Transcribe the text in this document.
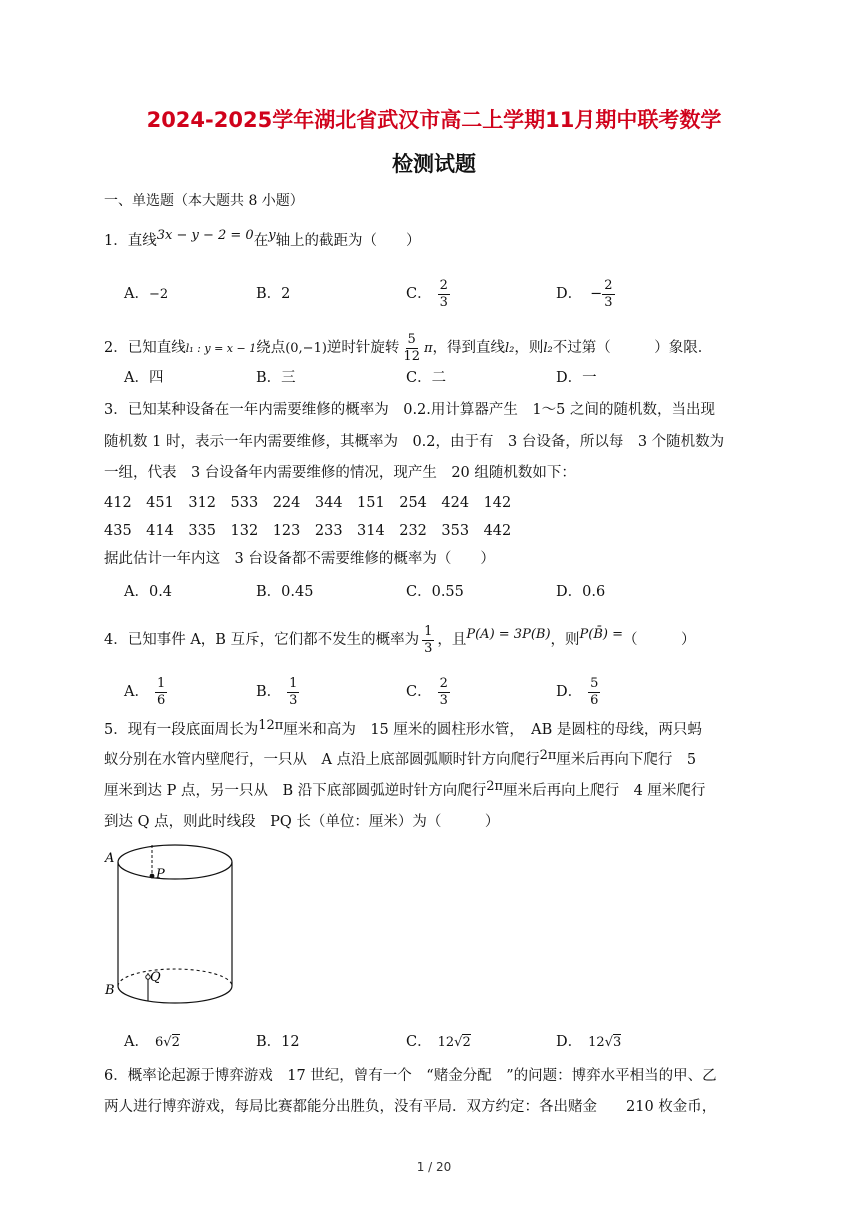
2024-2025学年湖北省武汉市高二上学期11月期中联考数学
检测试题
一、单选题（本大题共 8 小题）
1．直线3x − y − 2 = 0在y轴上的截距为（　　）
A．−2	B．2	C． $\frac{2}{3}$	D． − $\frac{2}{3}$
2．已知直线l₁ : y = x − 1绕点(0,−1)逆时针旋转 $\frac{5}{12}$ π，得到直线l₂，则l₂不过第（　　　）象限．
A．四	B．三	C．二	D．一
3．已知某种设备在一年内需要维修的概率为　0.2.用计算器产生　1～5 之间的随机数，当出现
随机数 1 时，表示一年内需要维修，其概率为　0.2，由于有　3 台设备，所以每　3 个随机数为
一组，代表　3 台设备年内需要维修的情况，现产生　20 组随机数如下：
412　451　312　533　224　344　151　254　424　142
435　414　335　132　123　233　314　232　353　442
据此估计一年内这　3 台设备都不需要维修的概率为（　　）
A．0.4	B．0.45	C．0.55	D．0.6
4．已知事件 A，B 互斥，它们都不发生的概率为 $\frac{1}{3}$ ，且P(A) = 3P(B)，则P(B̄) =（　　　）
A． $\frac{1}{6}$	B． $\frac{1}{3}$	C． $\frac{2}{3}$	D． $\frac{5}{6}$
5．现有一段底面周长为12π厘米和高为　15 厘米的圆柱形水管，　AB 是圆柱的母线，两只蚂
蚁分别在水管内壁爬行，一只从　A 点沿上底部圆弧顺时针方向爬行2π厘米后再向下爬行　5
厘米到达 P 点，另一只从　B 沿下底部圆弧逆时针方向爬行2π厘米后再向上爬行　4 厘米爬行
到达 Q 点，则此时线段　PQ 长（单位：厘米）为（　　　）
A
P
B
Q
A． 6√2	B．12	C． 12√2	D． 12√3
6．概率论起源于博弈游戏　17 世纪，曾有一个　“赌金分配　”的问题：博弈水平相当的甲、乙
两人进行博弈游戏，每局比赛都能分出胜负，没有平局．双方约定：各出赌金　　210 枚金币，
1 / 20
